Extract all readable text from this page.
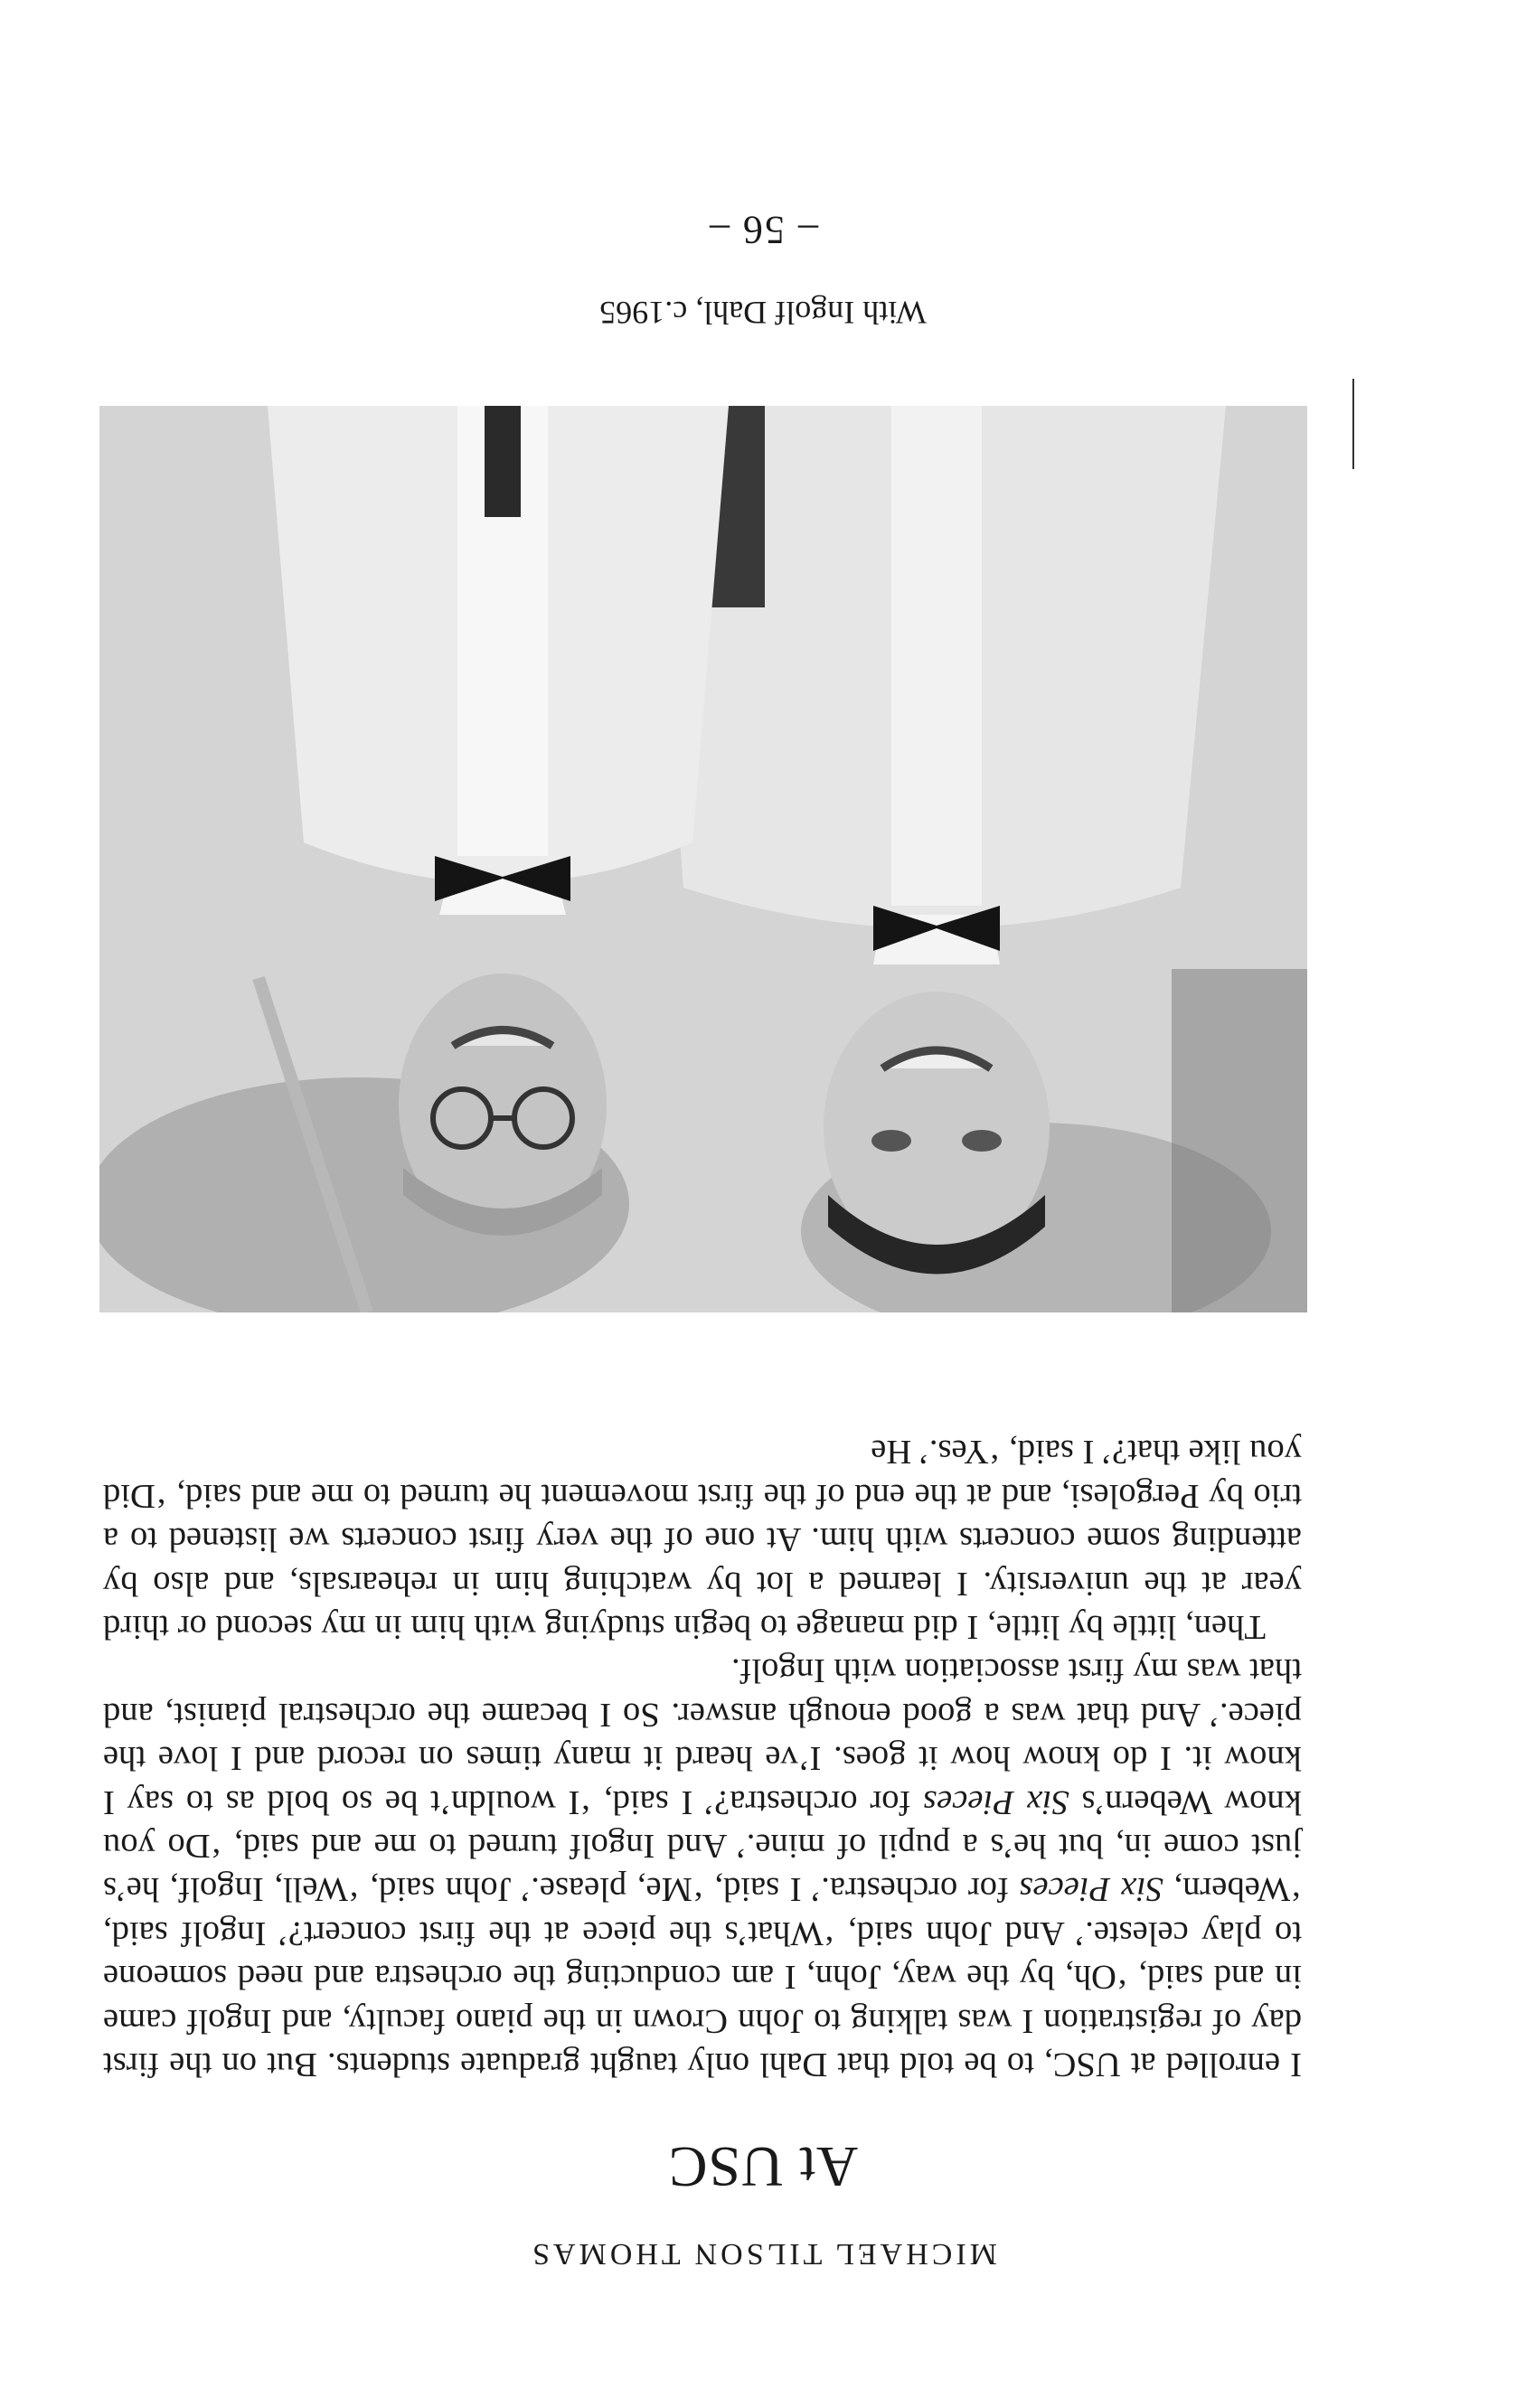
MICHAEL TILSON THOMAS
At USC

I enrolled at USC, to be told that Dahl only taught graduate students. But on the first day of registration I was talking to John Crown in the piano faculty, and Ingolf came in and said, ‘Oh, by the way, John, I am conducting the orchestra and need someone to play celeste.’ And John said, ‘What’s the piece at the first concert?’ Ingolf said, ‘Webern, Six Pieces for orchestra.’ I said, ‘Me, please.’ John said, ‘Well, Ingolf, he’s just come in, but he’s a pupil of mine.’ And Ingolf turned to me and said, ‘Do you know Webern’s Six Pieces for orchestra?’ I said, ‘I wouldn’t be so bold as to say I know it. I do know how it goes. I’ve heard it many times on record and I love the piece.’ And that was a good enough answer. So I became the orchestral pianist, and that was my first association with Ingolf.

Then, little by little, I did manage to begin studying with him in my second or third year at the university. I learned a lot by watching him in rehearsals, and also by attending some concerts with him. At one of the very first concerts we listened to a trio by Pergolesi, and at the end of the first movement he turned to me and said, ‘Did you like that?’ I said, ‘Yes.’ He

With Ingolf Dahl, c.1965
– 56 –
